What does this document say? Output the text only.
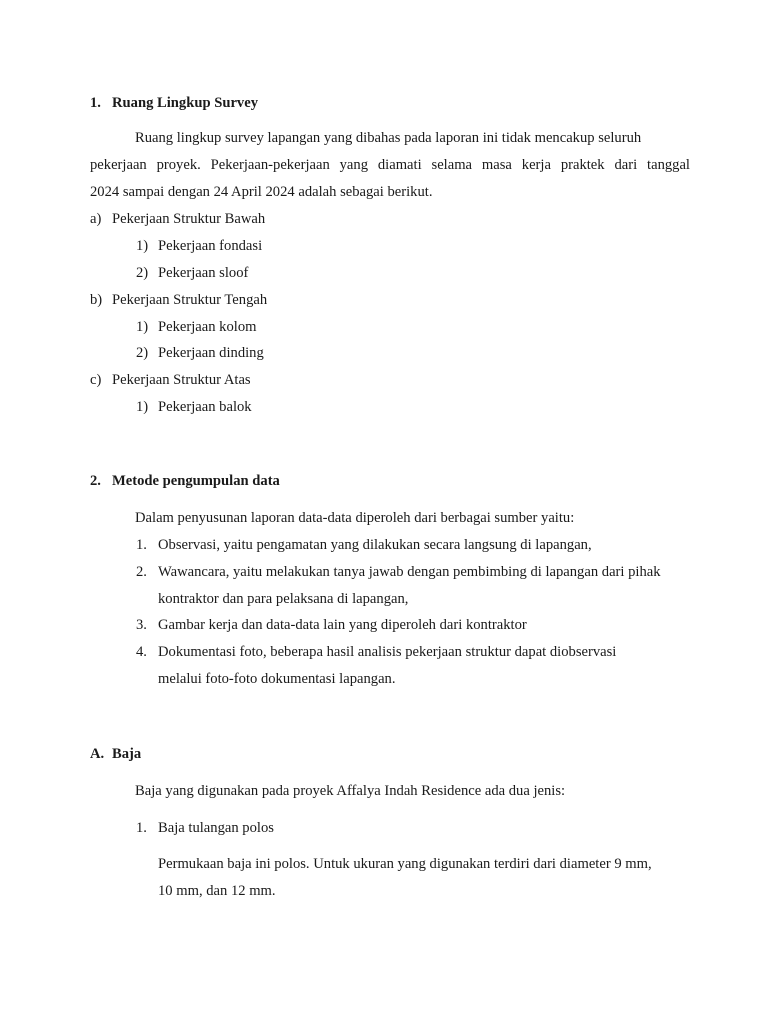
1. Ruang Lingkup Survey
Ruang lingkup survey lapangan yang dibahas pada laporan ini tidak mencakup seluruh
pekerjaan proyek. Pekerjaan-pekerjaan yang diamati selama masa kerja praktek dari tanggal
2024 sampai dengan 24 April 2024 adalah sebagai berikut.
a) Pekerjaan Struktur Bawah
1) Pekerjaan fondasi
2) Pekerjaan sloof
b) Pekerjaan Struktur Tengah
1) Pekerjaan kolom
2) Pekerjaan dinding
c) Pekerjaan Struktur Atas
1) Pekerjaan balok
2. Metode pengumpulan data
Dalam penyusunan laporan data-data diperoleh dari berbagai sumber yaitu:
1. Observasi, yaitu pengamatan yang dilakukan secara langsung di lapangan,
2. Wawancara, yaitu melakukan tanya jawab dengan pembimbing di lapangan dari pihak
kontraktor dan para pelaksana di lapangan,
3. Gambar kerja dan data-data lain yang diperoleh dari kontraktor
4. Dokumentasi foto, beberapa hasil analisis pekerjaan struktur dapat diobservasi
melalui foto-foto dokumentasi lapangan.
A. Baja
Baja yang digunakan pada proyek Affalya Indah Residence ada dua jenis:
1. Baja tulangan polos
Permukaan baja ini polos. Untuk ukuran yang digunakan terdiri dari diameter 9 mm,
10 mm, dan 12 mm.
